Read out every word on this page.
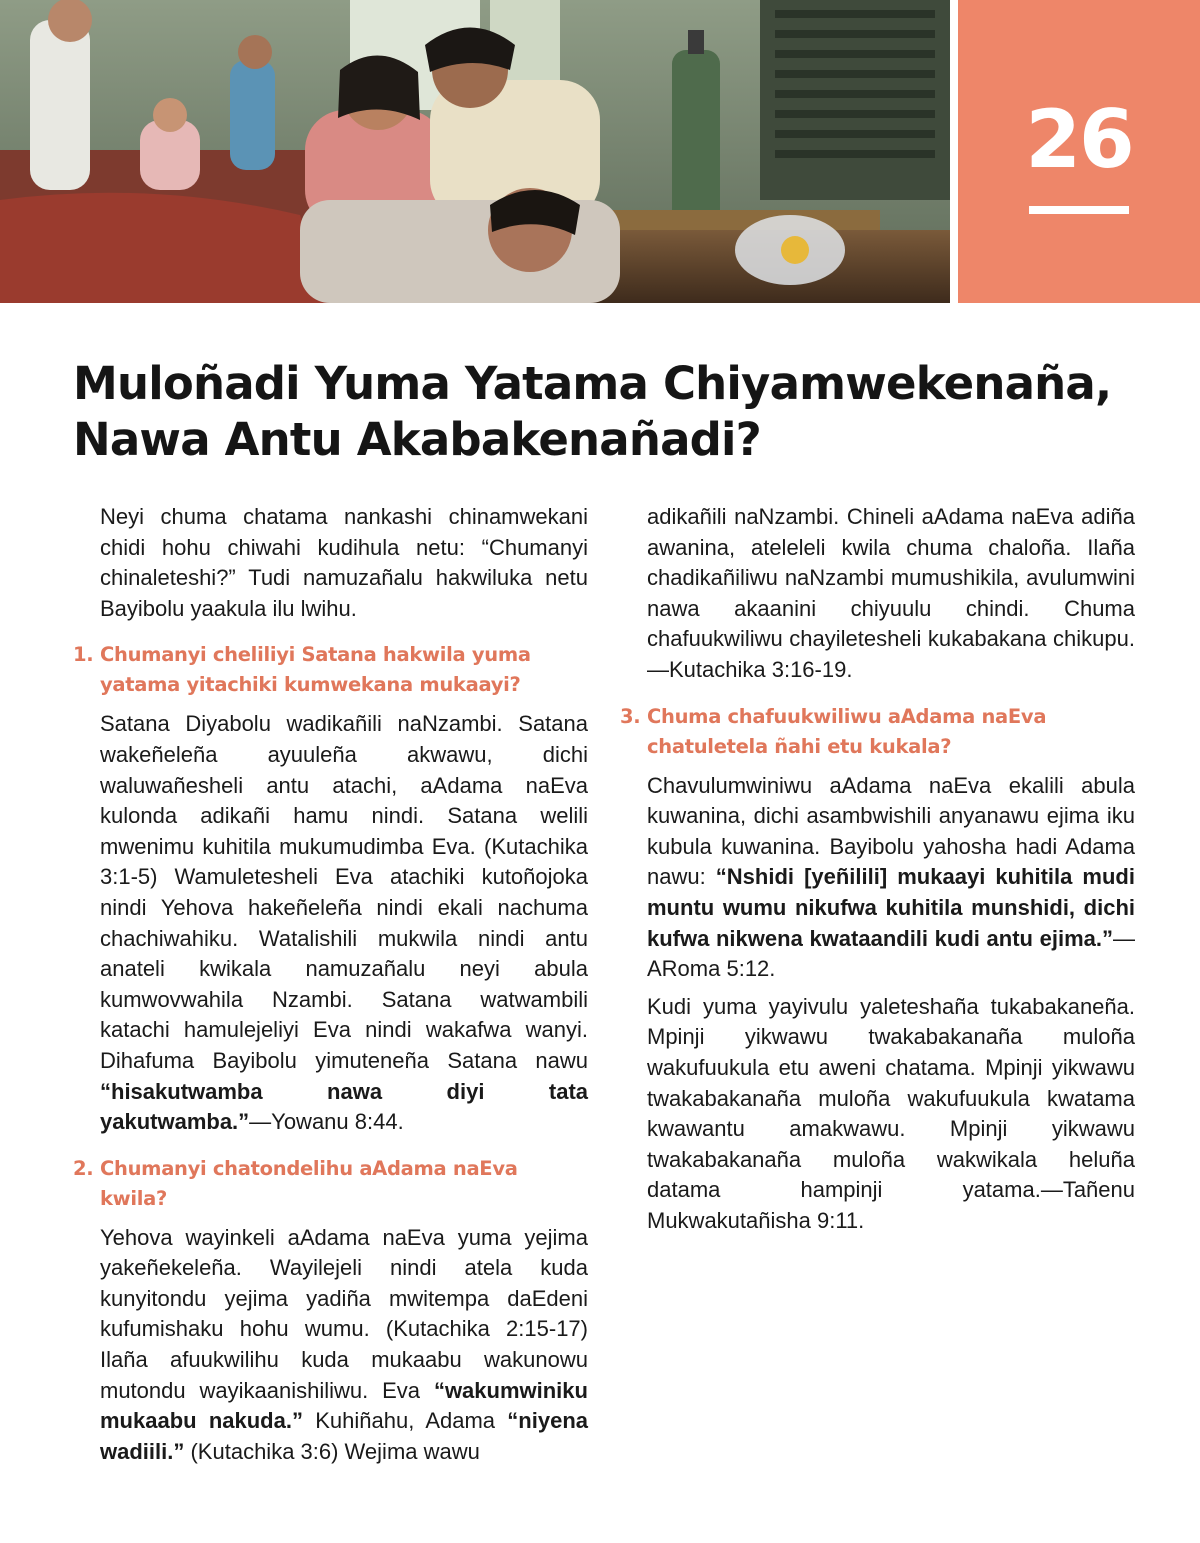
26
Muloñadi Yuma Yatama Chiyamwekenaña,
Nawa Antu Akabakenañadi?

Neyi chuma chatama nankashi chinamwekani chidi hohu chiwahi kudihula netu: “Chumanyi chinaleteshi?” Tudi namuzañalu hakwiluka netu Bayibolu yaakula ilu lwihu.

1. Chumanyi cheliliyi Satana hakwila yuma yatama yitachiki kumwekana mukaayi?

Satana Diyabolu wadikañili naNzambi. Satana wakeñeleña ayuuleña akwawu, dichi waluwañesheli antu atachi, aAdama naEva kulonda adikañi hamu nindi. Satana welili mwenimu kuhitila mukumudimba Eva. (Kutachika 3:1-5) Wamuletesheli Eva atachiki kutoñojoka nindi Yehova hakeñeleña nindi ekali nachuma chachiwahiku. Watalishili mukwila nindi antu anateli kwikala namuzañalu neyi abula kumwovwahila Nzambi. Satana watwambili katachi hamulejeliyi Eva nindi wakafwa wanyi. Dihafuma Bayibolu yimuteneña Satana nawu “hisakutwamba nawa diyi tata yakutwamba.”—Yowanu 8:44.

2. Chumanyi chatondelihu aAdama naEva kwila?

Yehova wayinkeli aAdama naEva yuma yejima yakeñekeleña. Wayilejeli nindi atela kuda kunyitondu yejima yadiña mwitempa daEdeni kufumishaku hohu wumu. (Kutachika 2:15-17) Ilaña afuukwilihu kuda mukaabu wakunowu mutondu wayikaanishiliwu. Eva “wakumwiniku mukaabu nakuda.” Kuhiñahu, Adama “niyena wadiili.” (Kutachika 3:6) Wejima wawu

adikañili naNzambi. Chineli aAdama naEva adiña awanina, ateleleli kwila chuma chaloña. Ilaña chadikañiliwu naNzambi mumushikila, avulumwini nawa akaanini chiyuulu chindi. Chuma chafuukwiliwu chayiletesheli kukabakana chikupu.—Kutachika 3:16-19.

3. Chuma chafuukwiliwu aAdama naEva chatuletela ñahi etu kukala?

Chavulumwiniwu aAdama naEva ekalili abula kuwanina, dichi asambwishili anyanawu ejima iku kubula kuwanina. Bayibolu yahosha hadi Adama nawu: “Nshidi [yeñilili] mukaayi kuhitila mudi muntu wumu nikufwa kuhitila munshidi, dichi kufwa nikwena kwataandili kudi antu ejima.”—ARoma 5:12.

Kudi yuma yayivulu yaleteshaña tukabakaneña. Mpinji yikwawu twakabakanaña muloña wakufuukula etu aweni chatama. Mpinji yikwawu twakabakanaña muloña wakufuukula kwatama kwawantu amakwawu. Mpinji yikwawu twakabakanaña muloña wakwikala heluña datama hampinji yatama.—Tañenu Mukwakutañisha 9:11.
